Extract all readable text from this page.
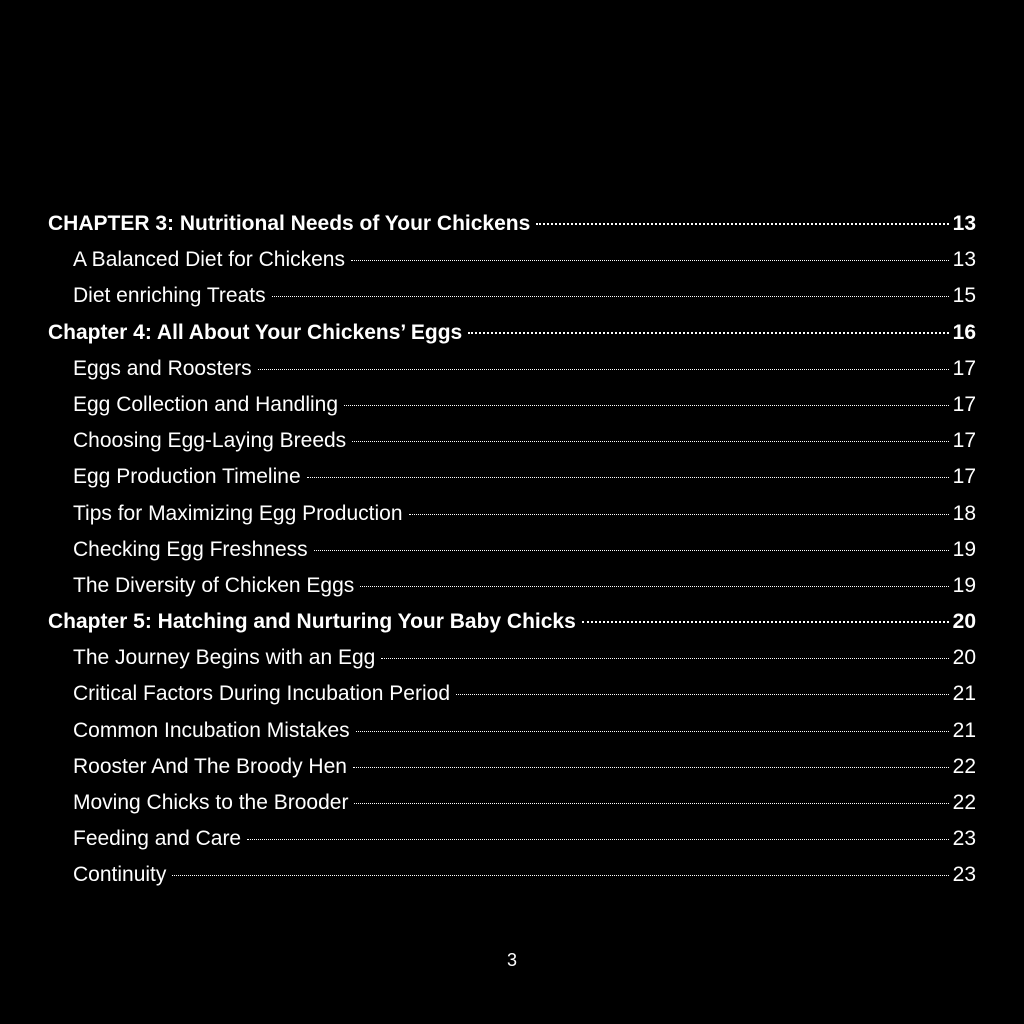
CHAPTER 3: Nutritional Needs of Your Chickens	13
A Balanced Diet for Chickens	13
Diet enriching Treats	15
Chapter 4: All About Your Chickens’ Eggs	16
Eggs and Roosters	17
Egg Collection and Handling	17
Choosing Egg-Laying Breeds	17
Egg Production Timeline	17
Tips for Maximizing Egg Production	18
Checking Egg Freshness	19
The Diversity of Chicken Eggs	19
Chapter 5: Hatching and Nurturing Your Baby Chicks	20
The Journey Begins with an Egg	20
Critical Factors During Incubation Period	21
Common Incubation Mistakes	21
Rooster And The Broody Hen	22
Moving Chicks to the Brooder	22
Feeding and Care	23
Continuity	23
3
